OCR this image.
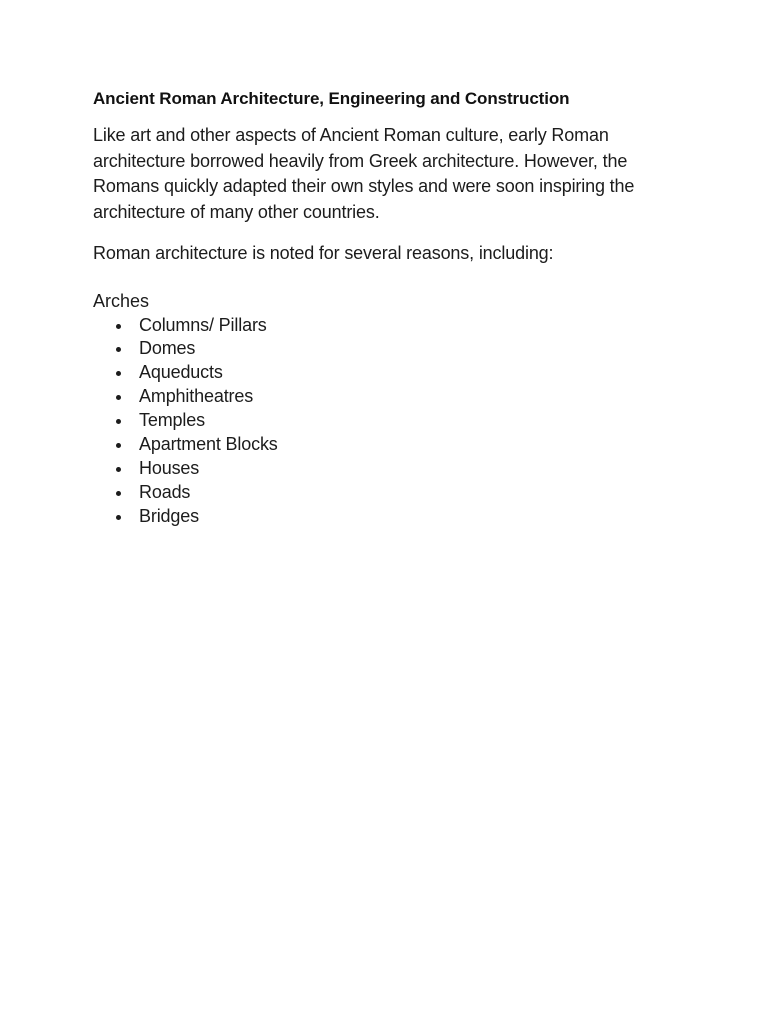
Ancient Roman Architecture, Engineering and Construction

Like art and other aspects of Ancient Roman culture, early Roman architecture borrowed heavily from Greek architecture. However, the Romans quickly adapted their own styles and were soon inspiring the architecture of many other countries.

Roman architecture is noted for several reasons, including:

Arches
Columns/ Pillars
Domes
Aqueducts
Amphitheatres
Temples
Apartment Blocks
Houses
Roads
Bridges
